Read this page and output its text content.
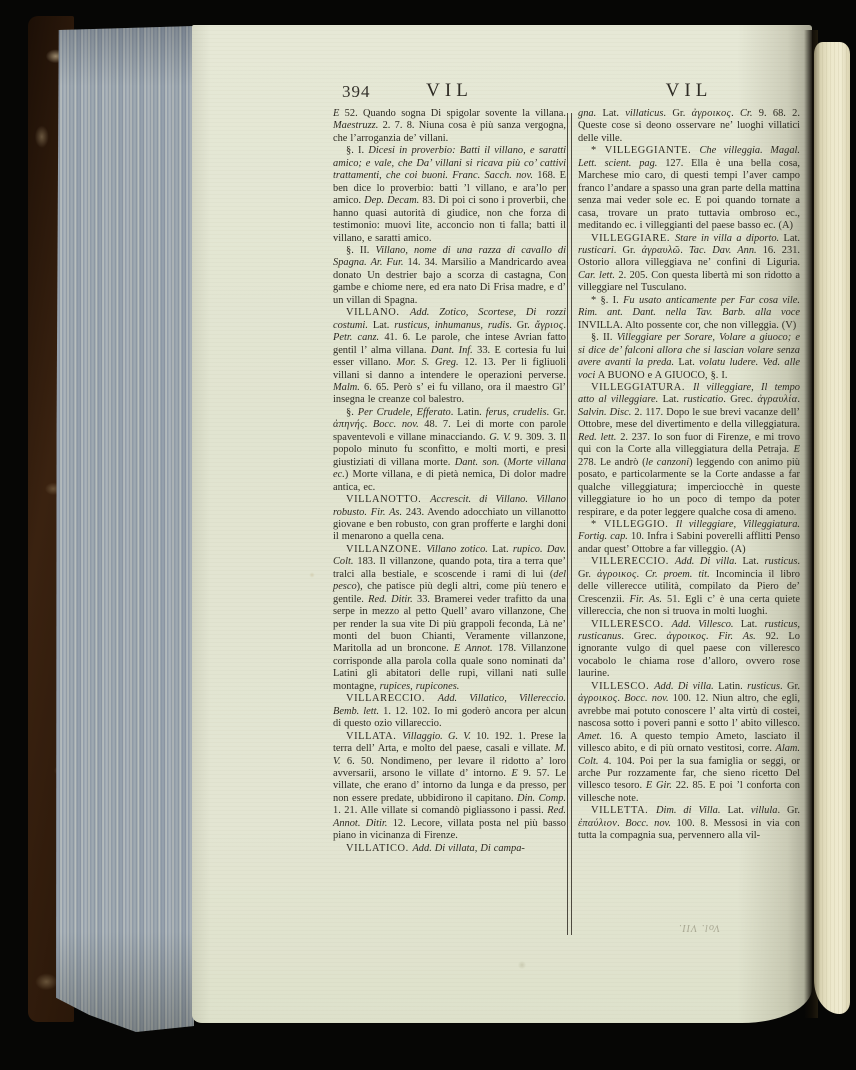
394	VIL	VIL

E 52. Quando sogna Di spigolar sovente la villana. Maestruzz. 2. 7. 8. Niuna cosa è più sanza vergogna, che l’arroganzia de’ villani.

§. I. Dicesi in proverbio: Batti il villano, e saratti amico; e vale, che Da’ villani si ricava più co’ cattivi trattamenti, che coi buoni. Franc. Sacch. nov. 168. E ben dice lo proverbio: batti ’l villano, e ara’lo per amico. Dep. Decam. 83. Di poi ci sono i proverbii, che hanno quasi autorità di giudice, non che forza di testimonio: muovi lite, acconcio non ti falla; batti il villano, e saratti amico.

§. II. Villano, nome di una razza di cavallo di Spagna. Ar. Fur. 14. 34. Marsilio a Mandricardo avea donato Un destrier bajo a scorza di castagna, Con gambe e chiome nere, ed era nato Di Frisa madre, e d’ un villan di Spagna.

VILLANO. Add. Zotico, Scortese, Di rozzi costumi. Lat. rusticus, inhumanus, rudis. Gr. ἄγριος. Petr. canz. 41. 6. Le parole, che intese Avrian fatto gentil l’ alma villana. Dant. Inf. 33. E cortesia fu lui esser villano. Mor. S. Greg. 12. 13. Per li figliuoli villani si danno a intendere le operazioni perverse. Malm. 6. 65. Però s’ ei fu villano, ora il maestro Gl’ insegna le creanze col balestro.

§. Per Crudele, Efferato. Latin. ferus, crudelis. Gr. ἀπηνής. Bocc. nov. 48. 7. Lei di morte con parole spaventevoli e villane minacciando. G. V. 9. 309. 3. Il popolo minuto fu sconfitto, e molti morti, e presi giustiziati di villana morte. Dant. son. (Morte villana ec.) Morte villana, e di pietà nemica, Di dolor madre antica, ec.

VILLANOTTO. Accrescit. di Villano. Villano robusto. Fir. As. 243. Avendo adocchiato un villanotto giovane e ben robusto, con gran profferte e larghi doni il menarono a quella cena.

VILLANZONE. Villano zotico. Lat. rupico. Dav. Colt. 183. Il villanzone, quando pota, tira a terra que’ tralci alla bestiale, e scoscende i rami di lui (del pesco), che patisce più degli altri, come più tenero e gentile. Red. Ditir. 33. Bramerei veder trafitto da una serpe in mezzo al petto Quell’ avaro villanzone, Che per render la sua vite Di più grappoli feconda, Là ne’ monti del buon Chianti, Veramente villanzone, Maritolla ad un broncone. E Annot. 178. Villanzone corrisponde alla parola colla quale sono nominati da’ Latini gli abitatori delle rupi, villani nati sulle montagne, rupices, rupicones.

VILLARECCIO. Add. Villatico, Villereccio. Bemb. lett. 1. 12. 102. Io mi goderò ancora per alcun di questo ozio villareccio.

VILLATA. Villaggio. G. V. 10. 192. 1. Prese la terra dell’ Arta, e molto del paese, casali e villate. M. V. 6. 50. Nondimeno, per levare il ridotto a’ loro avversarii, arsono le villate d’ intorno. E 9. 57. Le villate, che erano d’ intorno da lunga e da presso, per non essere predate, ubbidirono il capitano. Din. Comp. 1. 21. Alle villate si comandò pigliassono i passi. Red. Annot. Ditir. 12. Lecore, villata posta nel più basso piano in vicinanza di Firenze.

VILLATICO. Add. Di villata, Di campa-

gna. Lat. villaticus. Gr. ἀγροικος. Cr. 9. 68. 2. Queste cose si deono osservare ne’ luoghi villatici delle ville.

* VILLEGGIANTE. Che villeggia. Magal. Lett. scient. pag. 127. Ella è una bella cosa, Marchese mio caro, di questi tempi l’aver campo franco l’andare a spasso una gran parte della mattina senza mai veder sole ec. E poi quando tornate a casa, trovare un prato tuttavia ombroso ec., meditando ec. i villeggianti del paese basso ec. (A)

VILLEGGIARE. Stare in villa a diporto. Lat. rusticari. Gr. ἀγραυλῶ. Tac. Dav. Ann. 16. 231. Ostorio allora villeggiava ne’ confini di Liguria. Car. lett. 2. 205. Con questa libertà mi son ridotto a villeggiare nel Tusculano.

* §. I. Fu usato anticamente per Far cosa vile. Rim. ant. Dant. nella Tav. Barb. alla voce INVILLA. Alto possente cor, che non villeggia. (V)

§. II. Villeggiare per Sorare, Volare a giuoco; e si dice de’ falconi allora che si lascian volare senza avere avanti la preda. Lat. volatu ludere. Ved. alle voci A BUONO e A GIUOCO, §. I.

VILLEGGIATURA. Il villeggiare, Il tempo atto al villeggiare. Lat. rusticatio. Grec. ἀγραυλία. Salvin. Disc. 2. 117. Dopo le sue brevi vacanze dell’ Ottobre, mese del divertimento e della villeggiatura. Red. lett. 2. 237. Io son fuor di Firenze, e mi trovo qui con la Corte alla villeggiatura della Petraja. E 278. Le andrò (le canzoni) leggendo con animo più posato, e particolarmente se la Corte andasse a far qualche villeggiatura; imperciocchè in queste villeggiature io ho un poco di tempo da poter respirare, e da poter leggere qualche cosa di ameno.

* VILLEGGIO. Il villeggiare, Villeggiatura. Fortig. cap. 10. Infra i Sabini poverelli afflitti Penso andar quest’ Ottobre a far villeggio. (A)

VILLERECCIO. Add. Di villa. Lat. rusticus. Gr. ἀγροικος. Cr. proem. tit. Incomincia il libro delle villerecce utilità, compilato da Piero de’ Crescenzii. Fir. As. 51. Egli c’ è una certa quiete villereccia, che non si truova in molti luoghi.

VILLERESCO. Add. Villesco. Lat. rusticus, rusticanus. Grec. ἀγροικος. Fir. As. 92. Lo ignorante vulgo di quel paese con villeresco vocabolo le chiama rose d’alloro, ovvero rose laurine.

VILLESCO. Add. Di villa. Latin. rusticus. Gr. ἀγροικος. Bocc. nov. 100. 12. Niun altro, che egli, avrebbe mai potuto conoscere l’ alta virtù di costei, nascosa sotto i poveri panni e sotto l’ abito villesco. Amet. 16. A questo tempio Ameto, lasciato il villesco abito, e di più ornato vestitosi, corre. Alam. Colt. 4. 104. Poi per la sua famiglia or seggi, or arche Pur rozzamente far, che sieno ricetto Del villesco tesoro. E Gir. 22. 85. E poi ’l conforta con villesche note.

VILLETTA. Dim. di Villa. Lat. villula. Gr. ἐπαύλιον. Bocc. nov. 100. 8. Messosi in via con tutta la compagnia sua, pervennero alla vil-

Vol. VII.
